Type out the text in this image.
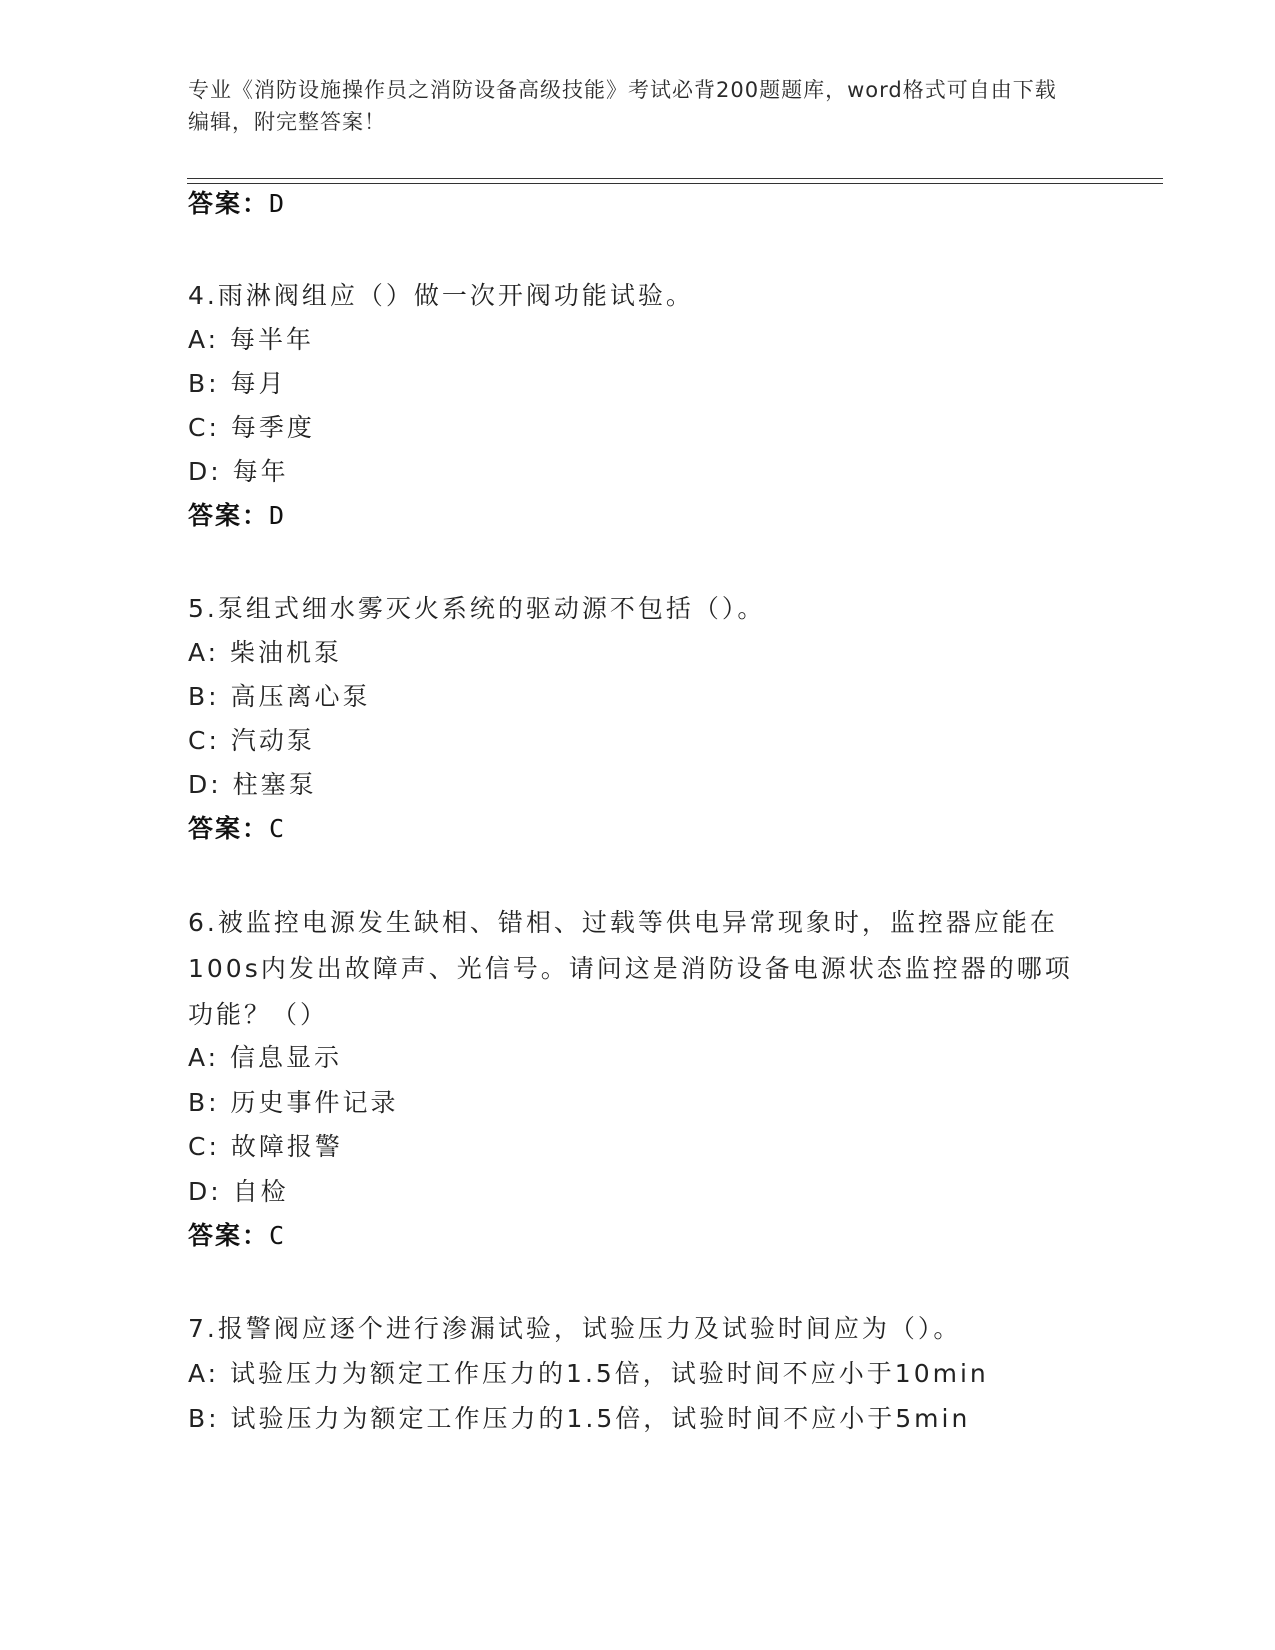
专业《消防设施操作员之消防设备高级技能》考试必背200题题库，word格式可自由下载编辑，附完整答案！
答案：D
4.雨淋阀组应（）做一次开阀功能试验。
A: 每半年
B: 每月
C: 每季度
D: 每年
答案：D
5.泵组式细水雾灭火系统的驱动源不包括（）。
A: 柴油机泵
B: 高压离心泵
C: 汽动泵
D: 柱塞泵
答案：C
6.被监控电源发生缺相、错相、过载等供电异常现象时，监控器应能在100s内发出故障声、光信号。请问这是消防设备电源状态监控器的哪项功能？（）
A: 信息显示
B: 历史事件记录
C: 故障报警
D: 自检
答案：C
7.报警阀应逐个进行渗漏试验，试验压力及试验时间应为（）。
A: 试验压力为额定工作压力的1.5倍，试验时间不应小于10min
B: 试验压力为额定工作压力的1.5倍，试验时间不应小于5min
